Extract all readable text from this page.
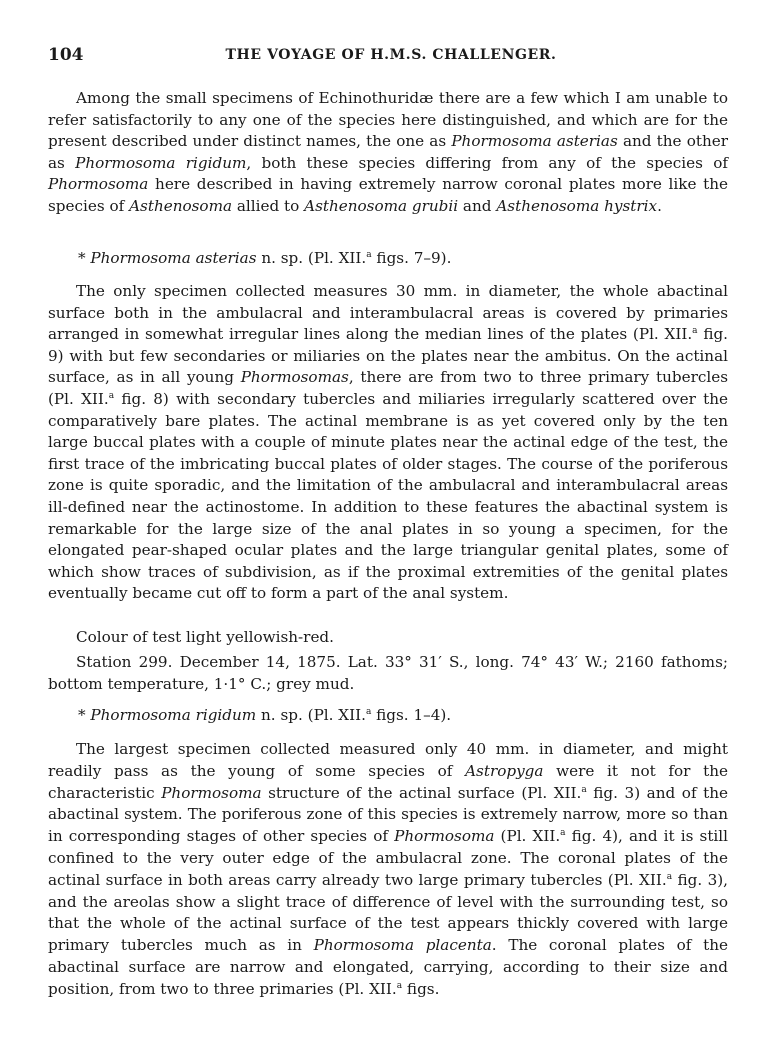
104	THE VOYAGE OF H.M.S. CHALLENGER.

Among the small specimens of Echinothuridæ there are a few which I am unable to refer satisfactorily to any one of the species here distinguished, and which are for the present described under distinct names, the one as Phormosoma asterias and the other as Phormosoma rigidum, both these species differing from any of the species of Phormosoma here described in having extremely narrow coronal plates more like the species of Asthenosoma allied to Asthenosoma grubii and Asthenosoma hystrix.

* Phormosoma asterias n. sp. (Pl. XII.$^a$ figs. 7–9).

The only specimen collected measures 30 mm. in diameter, the whole abactinal surface both in the ambulacral and interambulacral areas is covered by primaries arranged in somewhat irregular lines along the median lines of the plates (Pl. XII.$^a$ fig. 9) with but few secondaries or miliaries on the plates near the ambitus. On the actinal surface, as in all young Phormosomas, there are from two to three primary tubercles (Pl. XII.$^a$ fig. 8) with secondary tubercles and miliaries irregularly scattered over the comparatively bare plates. The actinal membrane is as yet covered only by the ten large buccal plates with a couple of minute plates near the actinal edge of the test, the first trace of the imbricating buccal plates of older stages. The course of the poriferous zone is quite sporadic, and the limitation of the ambulacral and interambulacral areas ill-defined near the actinostome. In addition to these features the abactinal system is remarkable for the large size of the anal plates in so young a specimen, for the elongated pear-shaped ocular plates and the large triangular genital plates, some of which show traces of subdivision, as if the proximal extremities of the genital plates eventually became cut off to form a part of the anal system.

Colour of test light yellowish-red.

Station 299. December 14, 1875. Lat. 33° 31′ S., long. 74° 43′ W.; 2160 fathoms; bottom temperature, 1·1° C.; grey mud.

* Phormosoma rigidum n. sp. (Pl. XII.$^a$ figs. 1–4).

The largest specimen collected measured only 40 mm. in diameter, and might readily pass as the young of some species of Astropyga were it not for the characteristic Phormosoma structure of the actinal surface (Pl. XII.$^a$ fig. 3) and of the abactinal system. The poriferous zone of this species is extremely narrow, more so than in corresponding stages of other species of Phormosoma (Pl. XII.$^a$ fig. 4), and it is still confined to the very outer edge of the ambulacral zone. The coronal plates of the actinal surface in both areas carry already two large primary tubercles (Pl. XII.$^a$ fig. 3), and the areolas show a slight trace of difference of level with the surrounding test, so that the whole of the actinal surface of the test appears thickly covered with large primary tubercles much as in Phormosoma placenta. The coronal plates of the abactinal surface are narrow and elongated, carrying, according to their size and position, from two to three primaries (Pl. XII.$^a$ figs.
